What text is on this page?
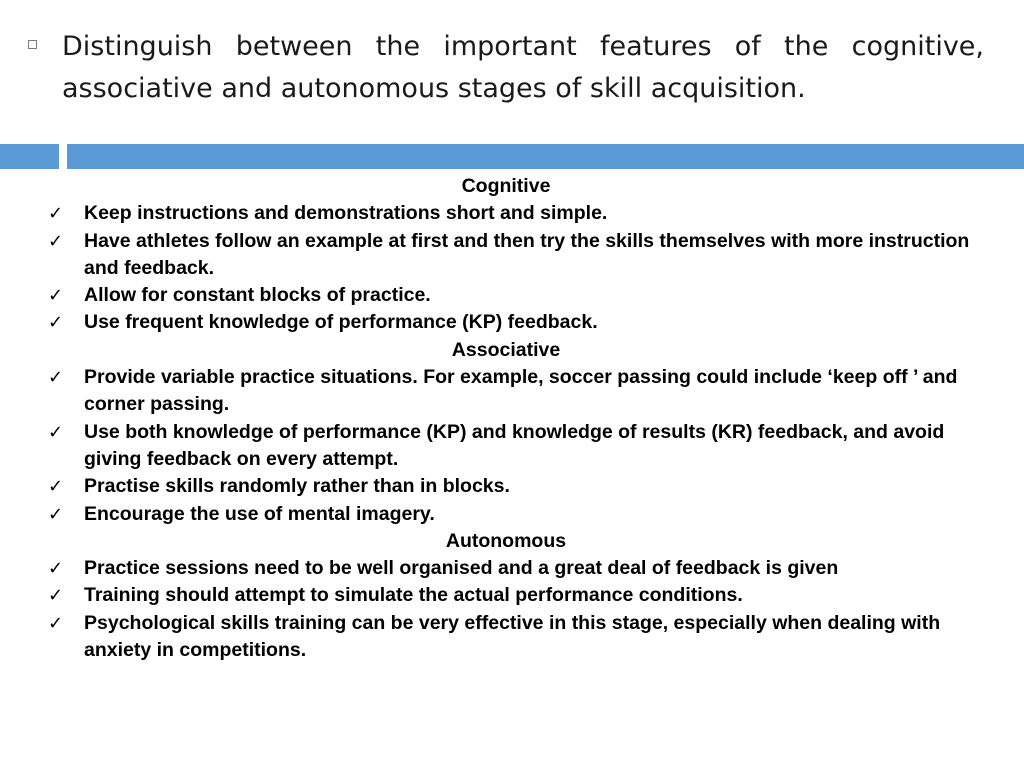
Distinguish between the important features of the cognitive, associative and autonomous stages of skill acquisition.
Cognitive
✓ Keep instructions and demonstrations short and simple.
✓ Have athletes follow an example at first and then try the skills themselves with more instruction and feedback.
✓ Allow for constant blocks of practice.
✓ Use frequent knowledge of performance (KP) feedback.
Associative
✓ Provide variable practice situations. For example, soccer passing could include ‘keep off ’ and corner passing.
✓ Use both knowledge of performance (KP) and knowledge of results (KR) feedback, and avoid giving feedback on every attempt.
✓ Practise skills randomly rather than in blocks.
✓ Encourage the use of mental imagery.
Autonomous
✓ Practice sessions need to be well organised and a great deal of feedback is given
✓ Training should attempt to simulate the actual performance conditions.
✓ Psychological skills training can be very effective in this stage, especially when dealing with anxiety in competitions.
